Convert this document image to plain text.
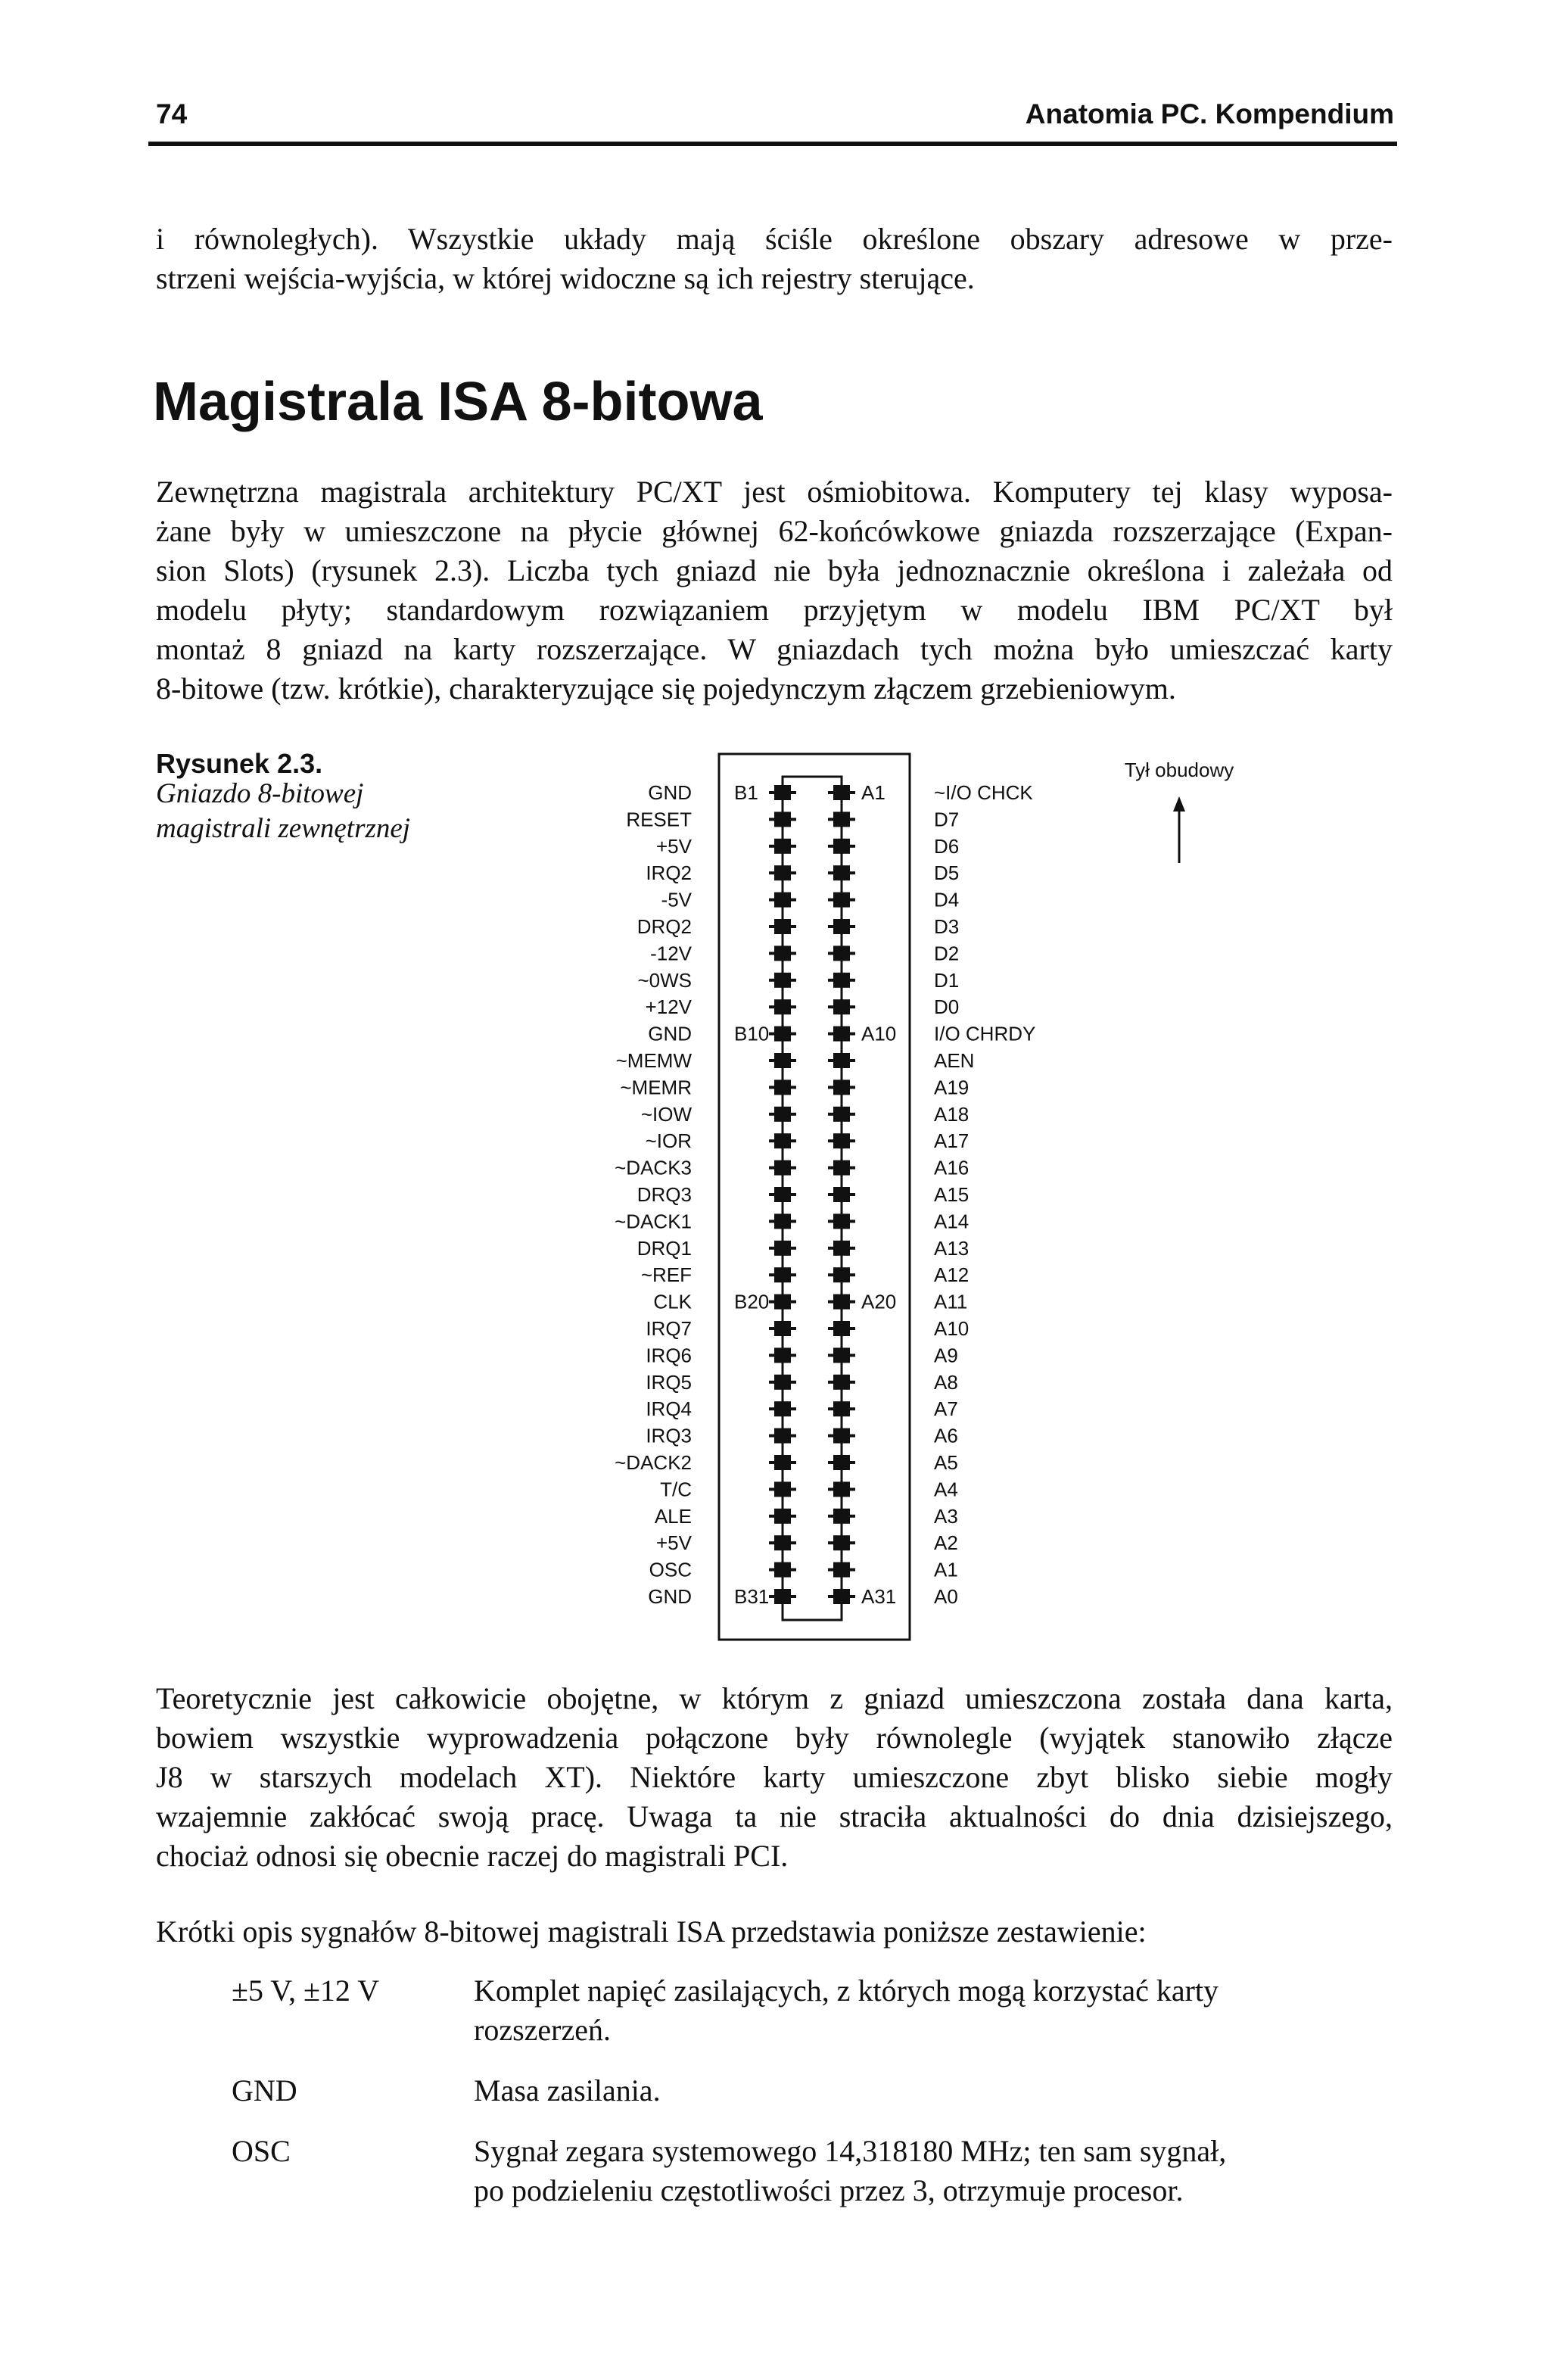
74	Anatomia PC. Kompendium

i równoległych). Wszystkie układy mają ściśle określone obszary adresowe w prze-
strzeni wejścia-wyjścia, w której widoczne są ich rejestry sterujące.

Magistrala ISA 8-bitowa

Zewnętrzna magistrala architektury PC/XT jest ośmiobitowa. Komputery tej klasy wyposa-
żane były w umieszczone na płycie głównej 62-końcówkowe gniazda rozszerzające (Expan-
sion Slots) (rysunek 2.3). Liczba tych gniazd nie była jednoznacznie określona i zależała od
modelu płyty; standardowym rozwiązaniem przyjętym w modelu IBM PC/XT był
montaż 8 gniazd na karty rozszerzające. W gniazdach tych można było umieszczać karty
8-bitowe (tzw. krótkie), charakteryzujące się pojedynczym złączem grzebieniowym.

Rysunek 2.3.
Gniazdo 8-bitowej
magistrali zewnętrznej
GND
RESET
+5V
IRQ2
-5V
DRQ2
-12V
~0WS
+12V
GND
~MEMW
~MEMR
~IOW
~IOR
~DACK3
DRQ3
~DACK1
DRQ1
~REF
CLK
IRQ7
IRQ6
IRQ5
IRQ4
IRQ3
~DACK2
T/C
ALE
+5V
OSC
GND
~I/O CHCK
D7
D6
D5
D4
D3
D2
D1
D0
I/O CHRDY
AEN
A19
A18
A17
A16
A15
A14
A13
A12
A11
A10
A9
A8
A7
A6
A5
A4
A3
A2
A1
A0
B1	A1
B10	A10
B20	A20
B31	A31
Tył obudowy

Teoretycznie jest całkowicie obojętne, w którym z gniazd umieszczona została dana karta,
bowiem wszystkie wyprowadzenia połączone były równolegle (wyjątek stanowiło złącze
J8 w starszych modelach XT). Niektóre karty umieszczone zbyt blisko siebie mogły
wzajemnie zakłócać swoją pracę. Uwaga ta nie straciła aktualności do dnia dzisiejszego,
chociaż odnosi się obecnie raczej do magistrali PCI.

Krótki opis sygnałów 8-bitowej magistrali ISA przedstawia poniższe zestawienie:

±5 V, ±12 V	Komplet napięć zasilających, z których mogą korzystać karty
rozszerzeń.
GND	Masa zasilania.
OSC	Sygnał zegara systemowego 14,318180 MHz; ten sam sygnał,
po podzieleniu częstotliwości przez 3, otrzymuje procesor.
